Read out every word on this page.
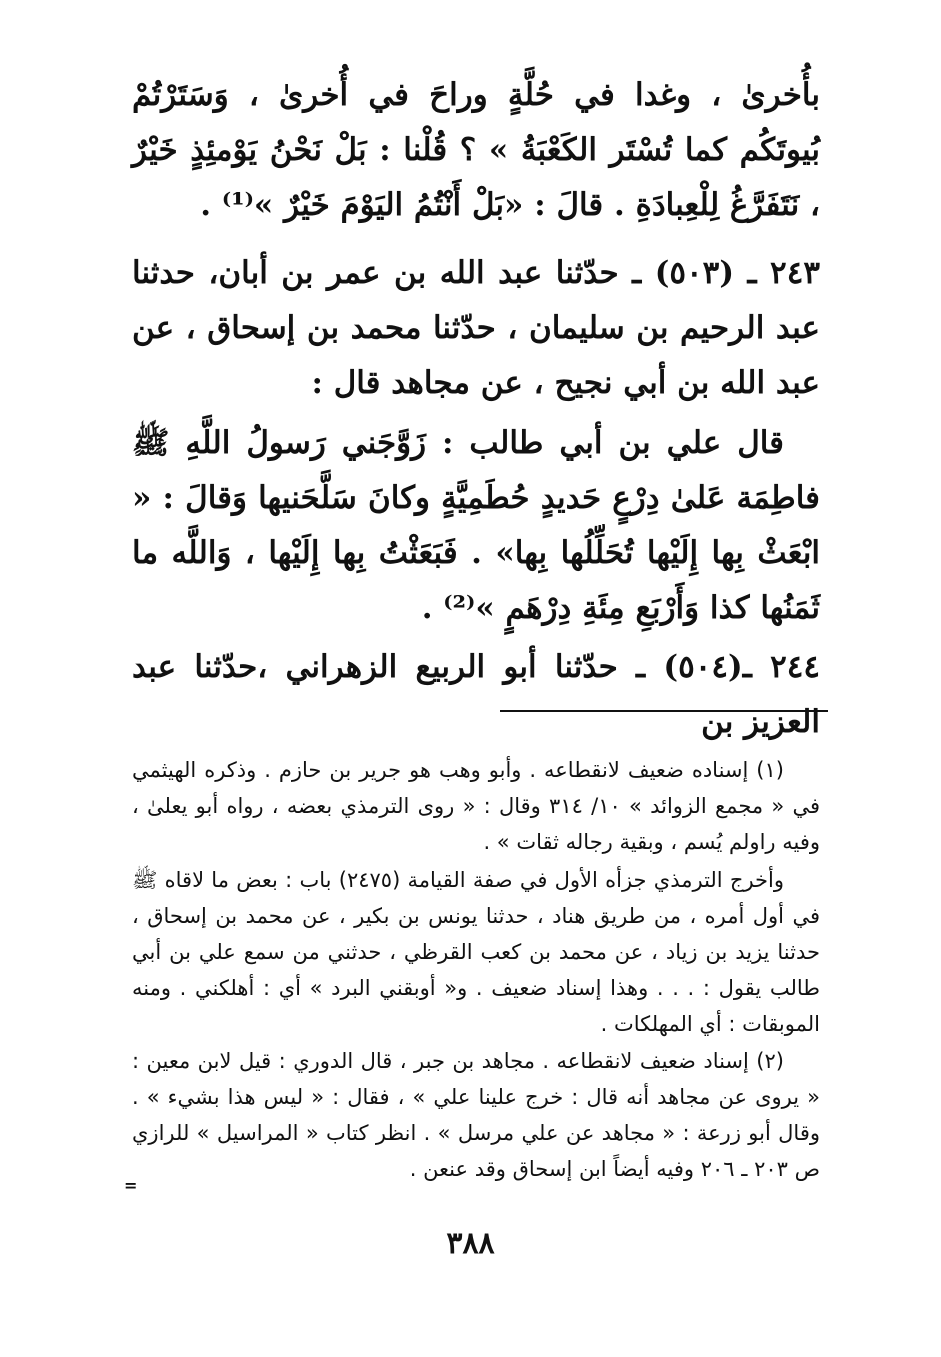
بأُخرىٰ ، وغدا في حُلَّةٍ وراحَ في أُخرىٰ ، وَسَتَرْتُمْ بُيوتَكُم كما تُسْتَر الكَعْبَةُ » ؟ قُلْنا : بَلْ نَحْنُ يَوْمئِذٍ خَيْرٌ ، نَتَفَرَّغُ لِلْعِبادَةِ . قالَ : «بَلْ أَنْتُمُ اليَوْمَ خَيْرٌ »⁽¹⁾ .

٢٤٣ ـ (٥٠٣) ـ حدّثنا عبد الله بن عمر بن أبان، حدثنا عبد الرحيم بن سليمان ، حدّثنا محمد بن إسحاق ، عن عبد الله بن أبي نجيح ، عن مجاهد قال :

قال علي بن أبي طالب : زَوَّجَني رَسولُ اللَّهِ ﷺ فاطِمَة عَلىٰ دِرْعٍ حَديدٍ حُطَمِيَّةٍ وكانَ سَلَّحَنيها وَقالَ : « ابْعَثْ بِها إِلَيْها تُحَلِّلُها بِها» . فَبَعَثْتُ بِها إِلَيْها ، وَاللَّه ما ثَمَنُها كذا وَأَرْبَعِ مِئَةِ دِرْهَمٍ »⁽²⁾ .

٢٤٤ ـ(٥٠٤) ـ حدّثنا أبو الربيع الزهراني ،حدّثنا عبد العزيز بن

(١) إسناده ضعيف لانقطاعه . وأبو وهب هو جرير بن حازم . وذكره الهيثمي في « مجمع الزوائد » ١٠/ ٣١٤ وقال : « روى الترمذي بعضه ، رواه أبو يعلىٰ ، وفيه راولم يُسم ، وبقية رجاله ثقات » .

وأخرج الترمذي جزأه الأول في صفة القيامة (٢٤٧٥) باب : بعض ما لاقاه ﷺ في أول أمره ، من طريق هناد ، حدثنا يونس بن بكير ، عن محمد بن إسحاق ، حدثنا يزيد بن زياد ، عن محمد بن كعب القرظي ، حدثني من سمع علي بن أبي طالب يقول : . . . وهذا إسناد ضعيف . و« أوبقني البرد » أي : أهلكني . ومنه الموبقات : أي المهلكات .

(٢) إسناد ضعيف لانقطاعه . مجاهد بن جبر ، قال الدوري : قيل لابن معين : « يروى عن مجاهد أنه قال : خرج علينا علي » ، فقال : « ليس هذا بشيء » . وقال أبو زرعة : « مجاهد عن علي مرسل » . انظر كتاب « المراسيل » للرازي ص ٢٠٣ ـ ٢٠٦ وفيه أيضاً ابن إسحاق وقد عنعن .

=
٣٨٨
